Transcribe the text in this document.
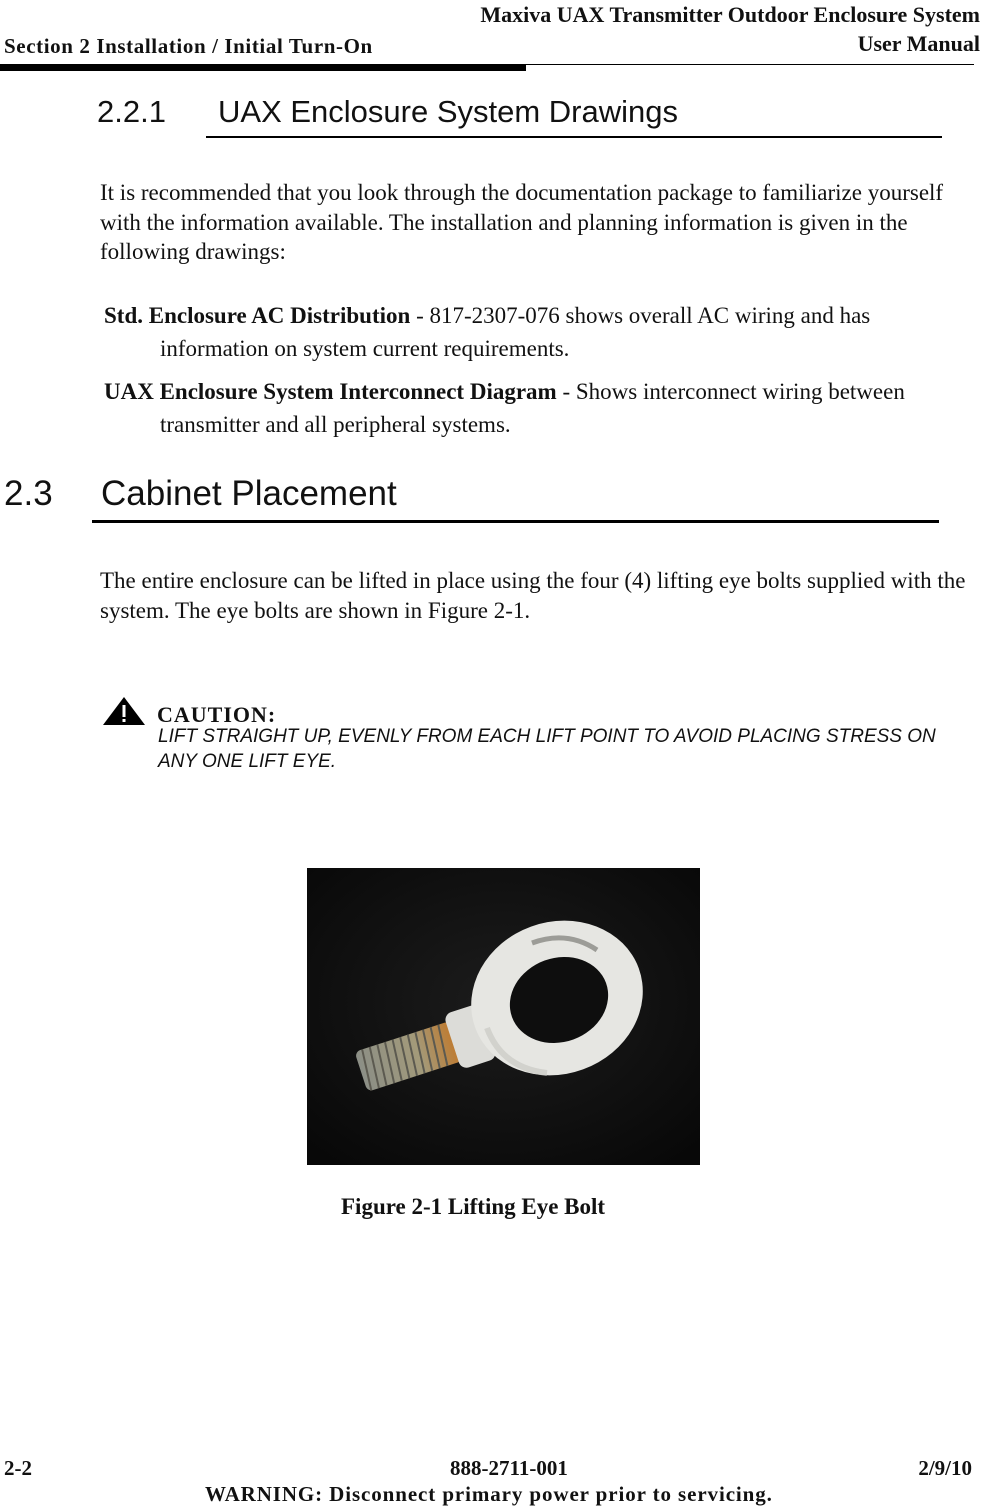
Maxiva UAX Transmitter Outdoor Enclosure System
User Manual
Section 2 Installation / Initial Turn-On
2.2.1 UAX Enclosure System Drawings
It is recommended that you look through the documentation package to familiarize yourself with the information available. The installation and planning information is given in the following drawings:
Std. Enclosure AC Distribution - 817-2307-076 shows overall AC wiring and has
information on system current requirements.
UAX Enclosure System Interconnect Diagram - Shows interconnect wiring between
transmitter and all peripheral systems.
2.3 Cabinet Placement
The entire enclosure can be lifted in place using the four (4) lifting eye bolts supplied with the system. The eye bolts are shown in Figure 2-1.
CAUTION:
LIFT STRAIGHT UP, EVENLY FROM EACH LIFT POINT TO AVOID PLACING STRESS ON ANY ONE LIFT EYE.
Figure 2-1 Lifting Eye Bolt
2-2	888-2711-001	2/9/10
WARNING: Disconnect primary power prior to servicing.
